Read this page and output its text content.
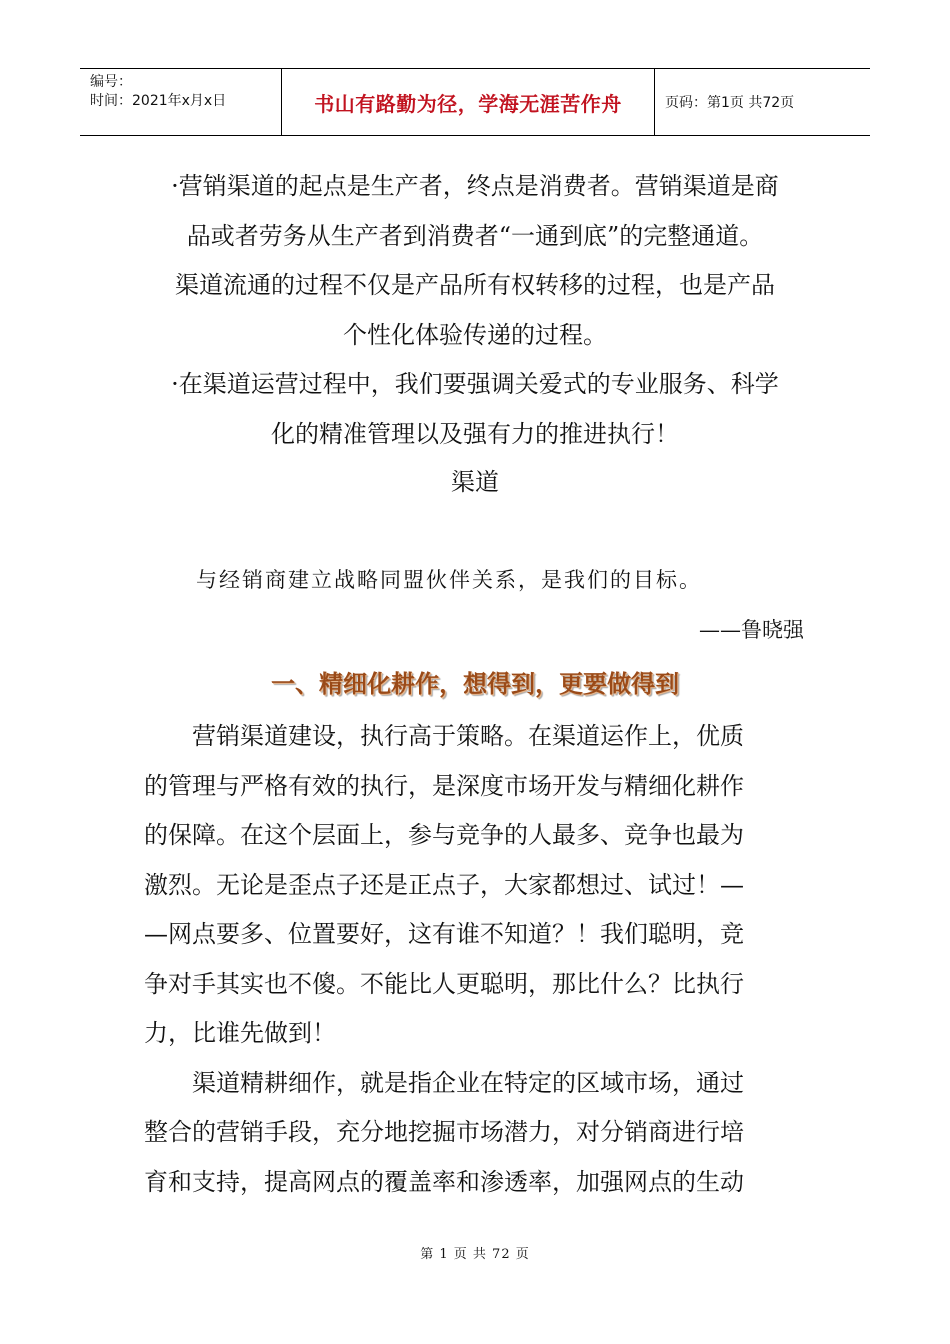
编号：
时间：2021年x月x日	书山有路勤为径，学海无涯苦作舟	页码：第1页 共72页

·营销渠道的起点是生产者，终点是消费者。营销渠道是商

品或者劳务从生产者到消费者“一通到底”的完整通道。

渠道流通的过程不仅是产品所有权转移的过程，也是产品

个性化体验传递的过程。

·在渠道运营过程中，我们要强调关爱式的专业服务、科学

化的精准管理以及强有力的推进执行！

渠道
与经销商建立战略同盟伙伴关系，是我们的目标。
——鲁晓强
一、精细化耕作，想得到，更要做得到

　　营销渠道建设，执行高于策略。在渠道运作上，优质

的管理与严格有效的执行，是深度市场开发与精细化耕作

的保障。在这个层面上，参与竞争的人最多、竞争也最为

激烈。无论是歪点子还是正点子，大家都想过、试过！—

—网点要多、位置要好，这有谁不知道？！我们聪明，竞

争对手其实也不傻。不能比人更聪明，那比什么？比执行

力，比谁先做到！

　　渠道精耕细作，就是指企业在特定的区域市场，通过

整合的营销手段，充分地挖掘市场潜力，对分销商进行培

育和支持，提高网点的覆盖率和渗透率，加强网点的生动

第 1 页 共 72 页
